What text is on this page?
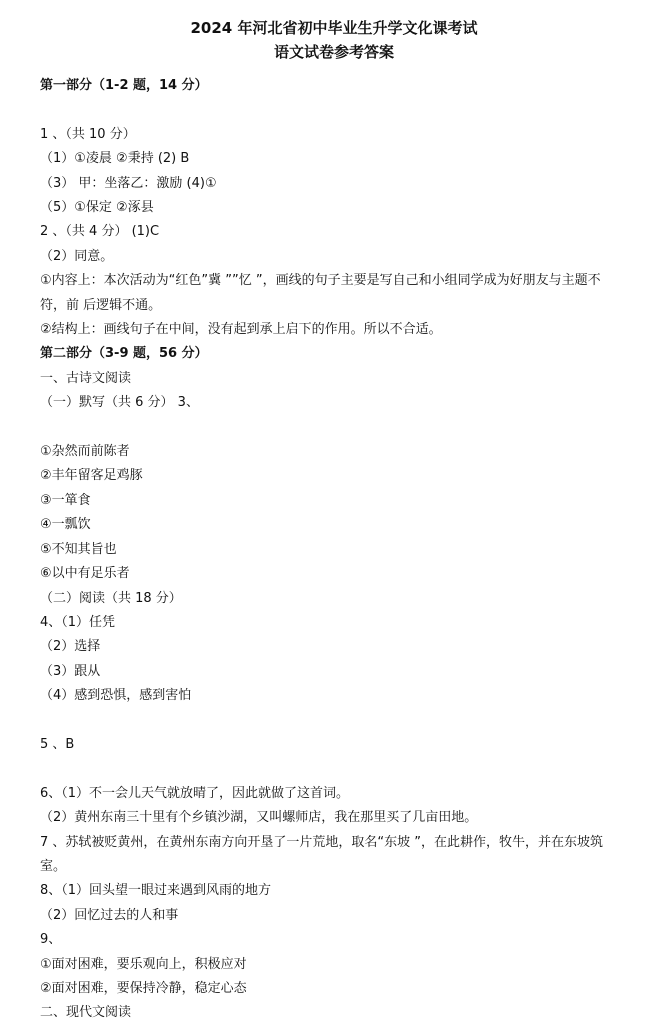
2024 年河北省初中毕业生升学文化课考试
语文试卷参考答案
第一部分（1-2 题，14 分）
1 、（共 10 分）
（1）①凌晨 ②秉持 (2) B
（3） 甲：坐落乙：激励 (4)①
（5）①保定 ②涿县
2 、（共 4 分） (1)C
（2）同意。
①内容上：本次活动为“红色”冀 ””忆 ”，画线的句子主要是写自己和小组同学成为好朋友与主题不
符，前 后逻辑不通。
②结构上：画线句子在中间，没有起到承上启下的作用。所以不合适。
第二部分（3-9 题，56 分）
一、古诗文阅读
（一）默写（共 6 分） 3、
①杂然而前陈者
②丰年留客足鸡豚
③一箪食
④一瓢饮
⑤不知其旨也
⑥以中有足乐者
（二）阅读（共 18 分）
4、（1）任凭
（2）选择
（3）跟从
（4）感到恐惧，感到害怕
5 、B
6、（1）不一会儿天气就放晴了，因此就做了这首词。
（2）黄州东南三十里有个乡镇沙湖，又叫螺师店，我在那里买了几亩田地。
7 、苏轼被贬黄州，在黄州东南方向开垦了一片荒地，取名“东坡 ”，在此耕作，牧牛，并在东坡筑
室。
8、（1）回头望一眼过来遇到风雨的地方
（2）回忆过去的人和事
9、
①面对困难，要乐观向上，积极应对
②面对困难，要保持冷静，稳定心态
二、现代文阅读
